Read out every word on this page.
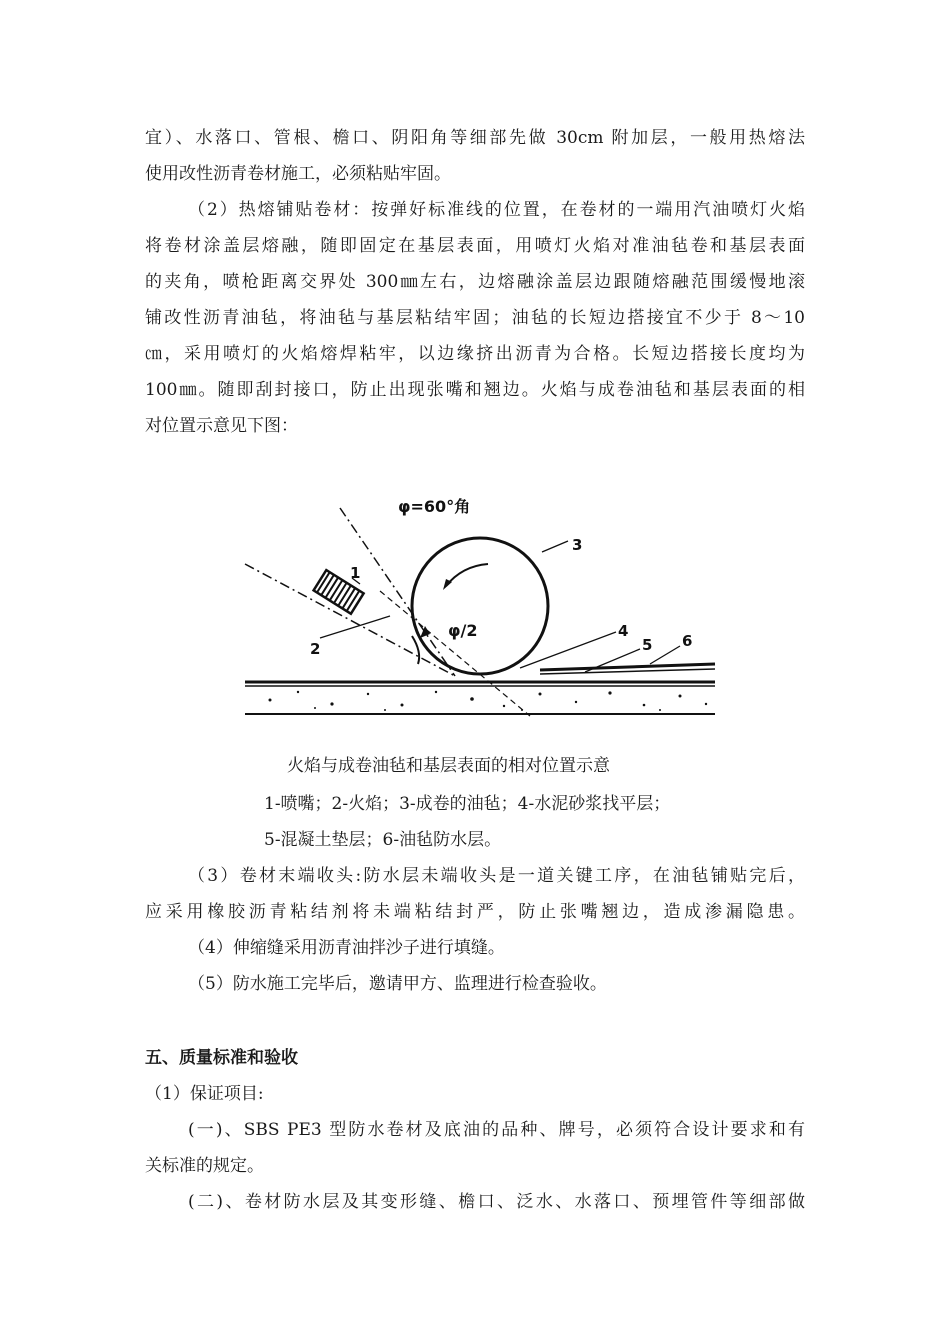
宜）、水落口、管根、檐口、阴阳角等细部先做 30cm 附加层，一般用热熔法
使用改性沥青卷材施工，必须粘贴牢固。
（2）热熔铺贴卷材：按弹好标准线的位置，在卷材的一端用汽油喷灯火焰
将卷材涂盖层熔融，随即固定在基层表面，用喷灯火焰对准油毡卷和基层表面
的夹角，喷枪距离交界处 300㎜左右，边熔融涂盖层边跟随熔融范围缓慢地滚
铺改性沥青油毡，将油毡与基层粘结牢固；油毡的长短边搭接宜不少于 8～10
㎝，采用喷灯的火焰熔焊粘牢，以边缘挤出沥青为合格。长短边搭接长度均为
100㎜。随即刮封接口，防止出现张嘴和翘边。火焰与成卷油毡和基层表面的相
对位置示意见下图：
φ=60°角
φ/2
1
2
3
4
5 6
火焰与成卷油毡和基层表面的相对位置示意
1-喷嘴；2-火焰；3-成卷的油毡；4-水泥砂浆找平层；
5-混凝土垫层；6-油毡防水层。
（3）卷材末端收头:防水层未端收头是一道关键工序，在油毡铺贴完后，
应采用橡胶沥青粘结剂将未端粘结封严，防止张嘴翘边，造成渗漏隐患。
（4）伸缩缝采用沥青油拌沙子进行填缝。
（5）防水施工完毕后，邀请甲方、监理进行检查验收。
五、质量标准和验收
（1）保证项目:
(一)、SBS PE3 型防水卷材及底油的品种、牌号，必须符合设计要求和有
关标准的规定。
(二)、卷材防水层及其变形缝、檐口、泛水、水落口、预埋管件等细部做
